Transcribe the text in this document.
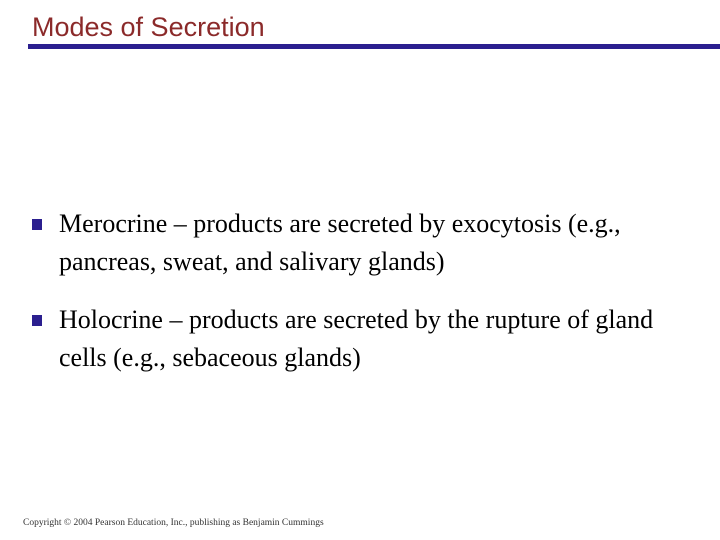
Modes of Secretion
Merocrine – products are secreted by exocytosis (e.g., pancreas, sweat, and salivary glands)
Holocrine – products are secreted by the rupture of gland cells (e.g., sebaceous glands)
Copyright © 2004 Pearson Education, Inc., publishing as Benjamin Cummings
